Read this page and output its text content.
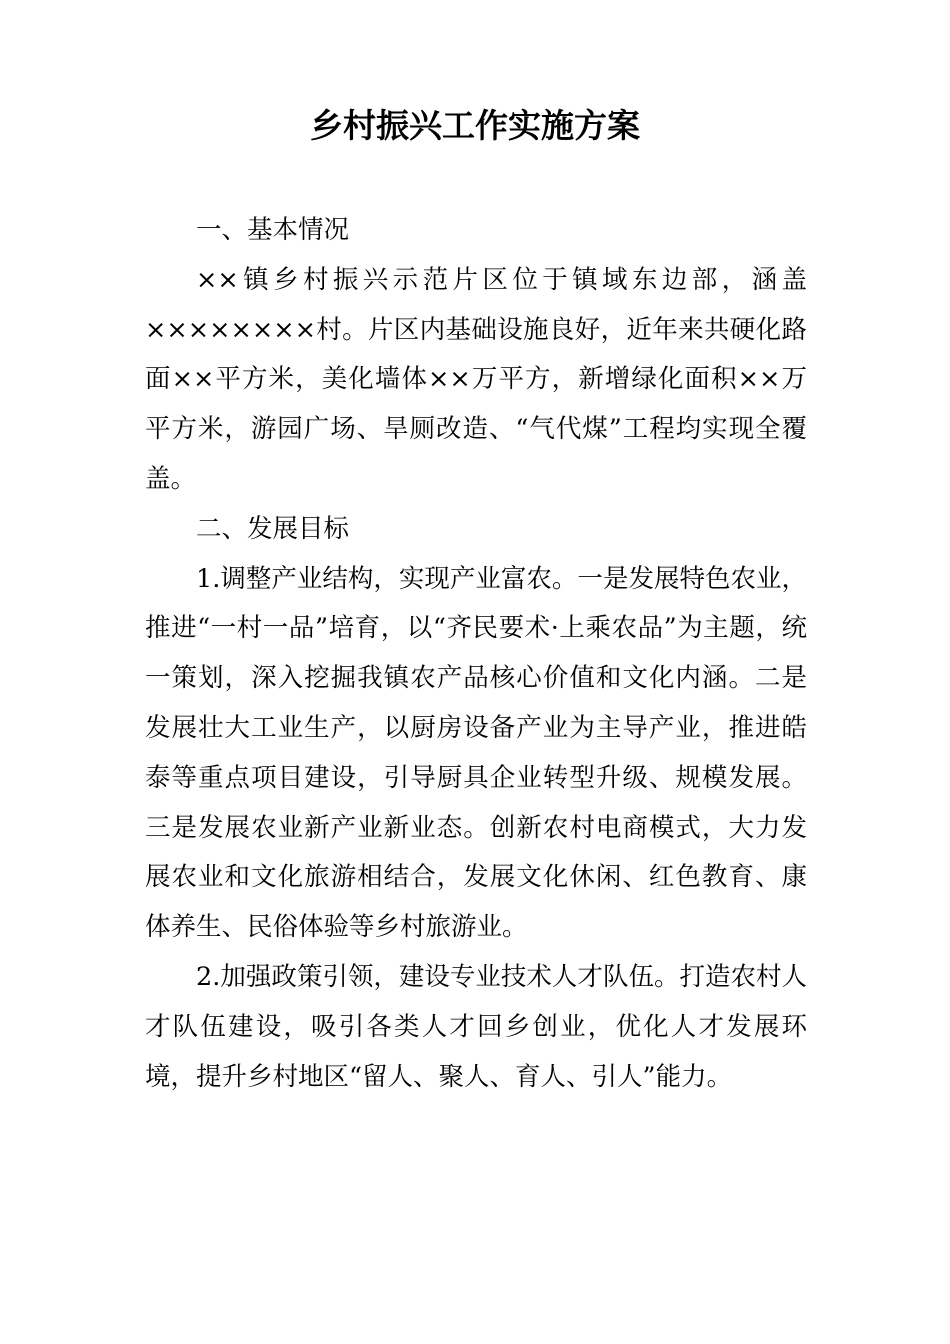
乡村振兴工作实施方案
一、基本情况

××镇乡村振兴示范片区位于镇域东边部，涵盖××××××××村。片区内基础设施良好，近年来共硬化路面××平方米，美化墙体××万平方，新增绿化面积××万平方米，游园广场、旱厕改造、“气代煤”工程均实现全覆盖。

二、发展目标

1.调整产业结构，实现产业富农。一是发展特色农业，推进“一村一品”培育，以“齐民要术·上乘农品”为主题，统一策划，深入挖掘我镇农产品核心价值和文化内涵。二是发展壮大工业生产，以厨房设备产业为主导产业，推进皓泰等重点项目建设，引导厨具企业转型升级、规模发展。三是发展农业新产业新业态。创新农村电商模式，大力发展农业和文化旅游相结合，发展文化休闲、红色教育、康体养生、民俗体验等乡村旅游业。

2.加强政策引领，建设专业技术人才队伍。打造农村人才队伍建设，吸引各类人才回乡创业，优化人才发展环境，提升乡村地区“留人、聚人、育人、引人”能力。
